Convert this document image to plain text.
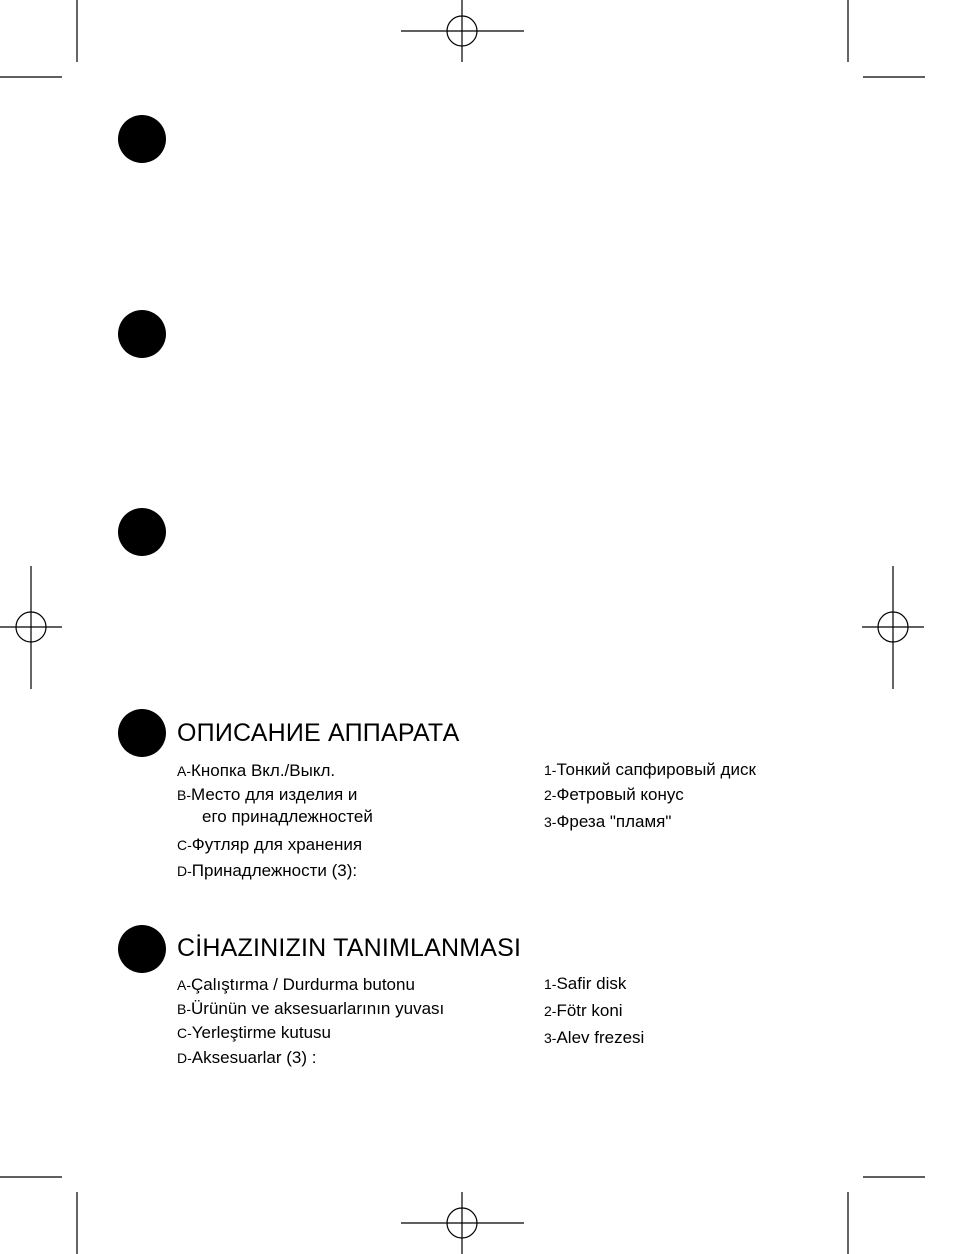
ОПИСАНИЕ АППАРАТА
A-Кнопка Вкл./Выкл.
B-Место для изделия и
его принадлежностей
C-Футляр для хранения
D-Принадлежности (3):
1-Тонкий сапфировый диск
2-Фетровый конус
3-Фреза "пламя"
CİHAZINIZIN TANIMLANMASI
A-Çalıştırma / Durdurma butonu
B-Ürünün ve aksesuarlarının yuvası
C-Yerleştirme kutusu
D-Aksesuarlar (3) :
1-Safir disk
2-Fötr koni
3-Alev frezesi
